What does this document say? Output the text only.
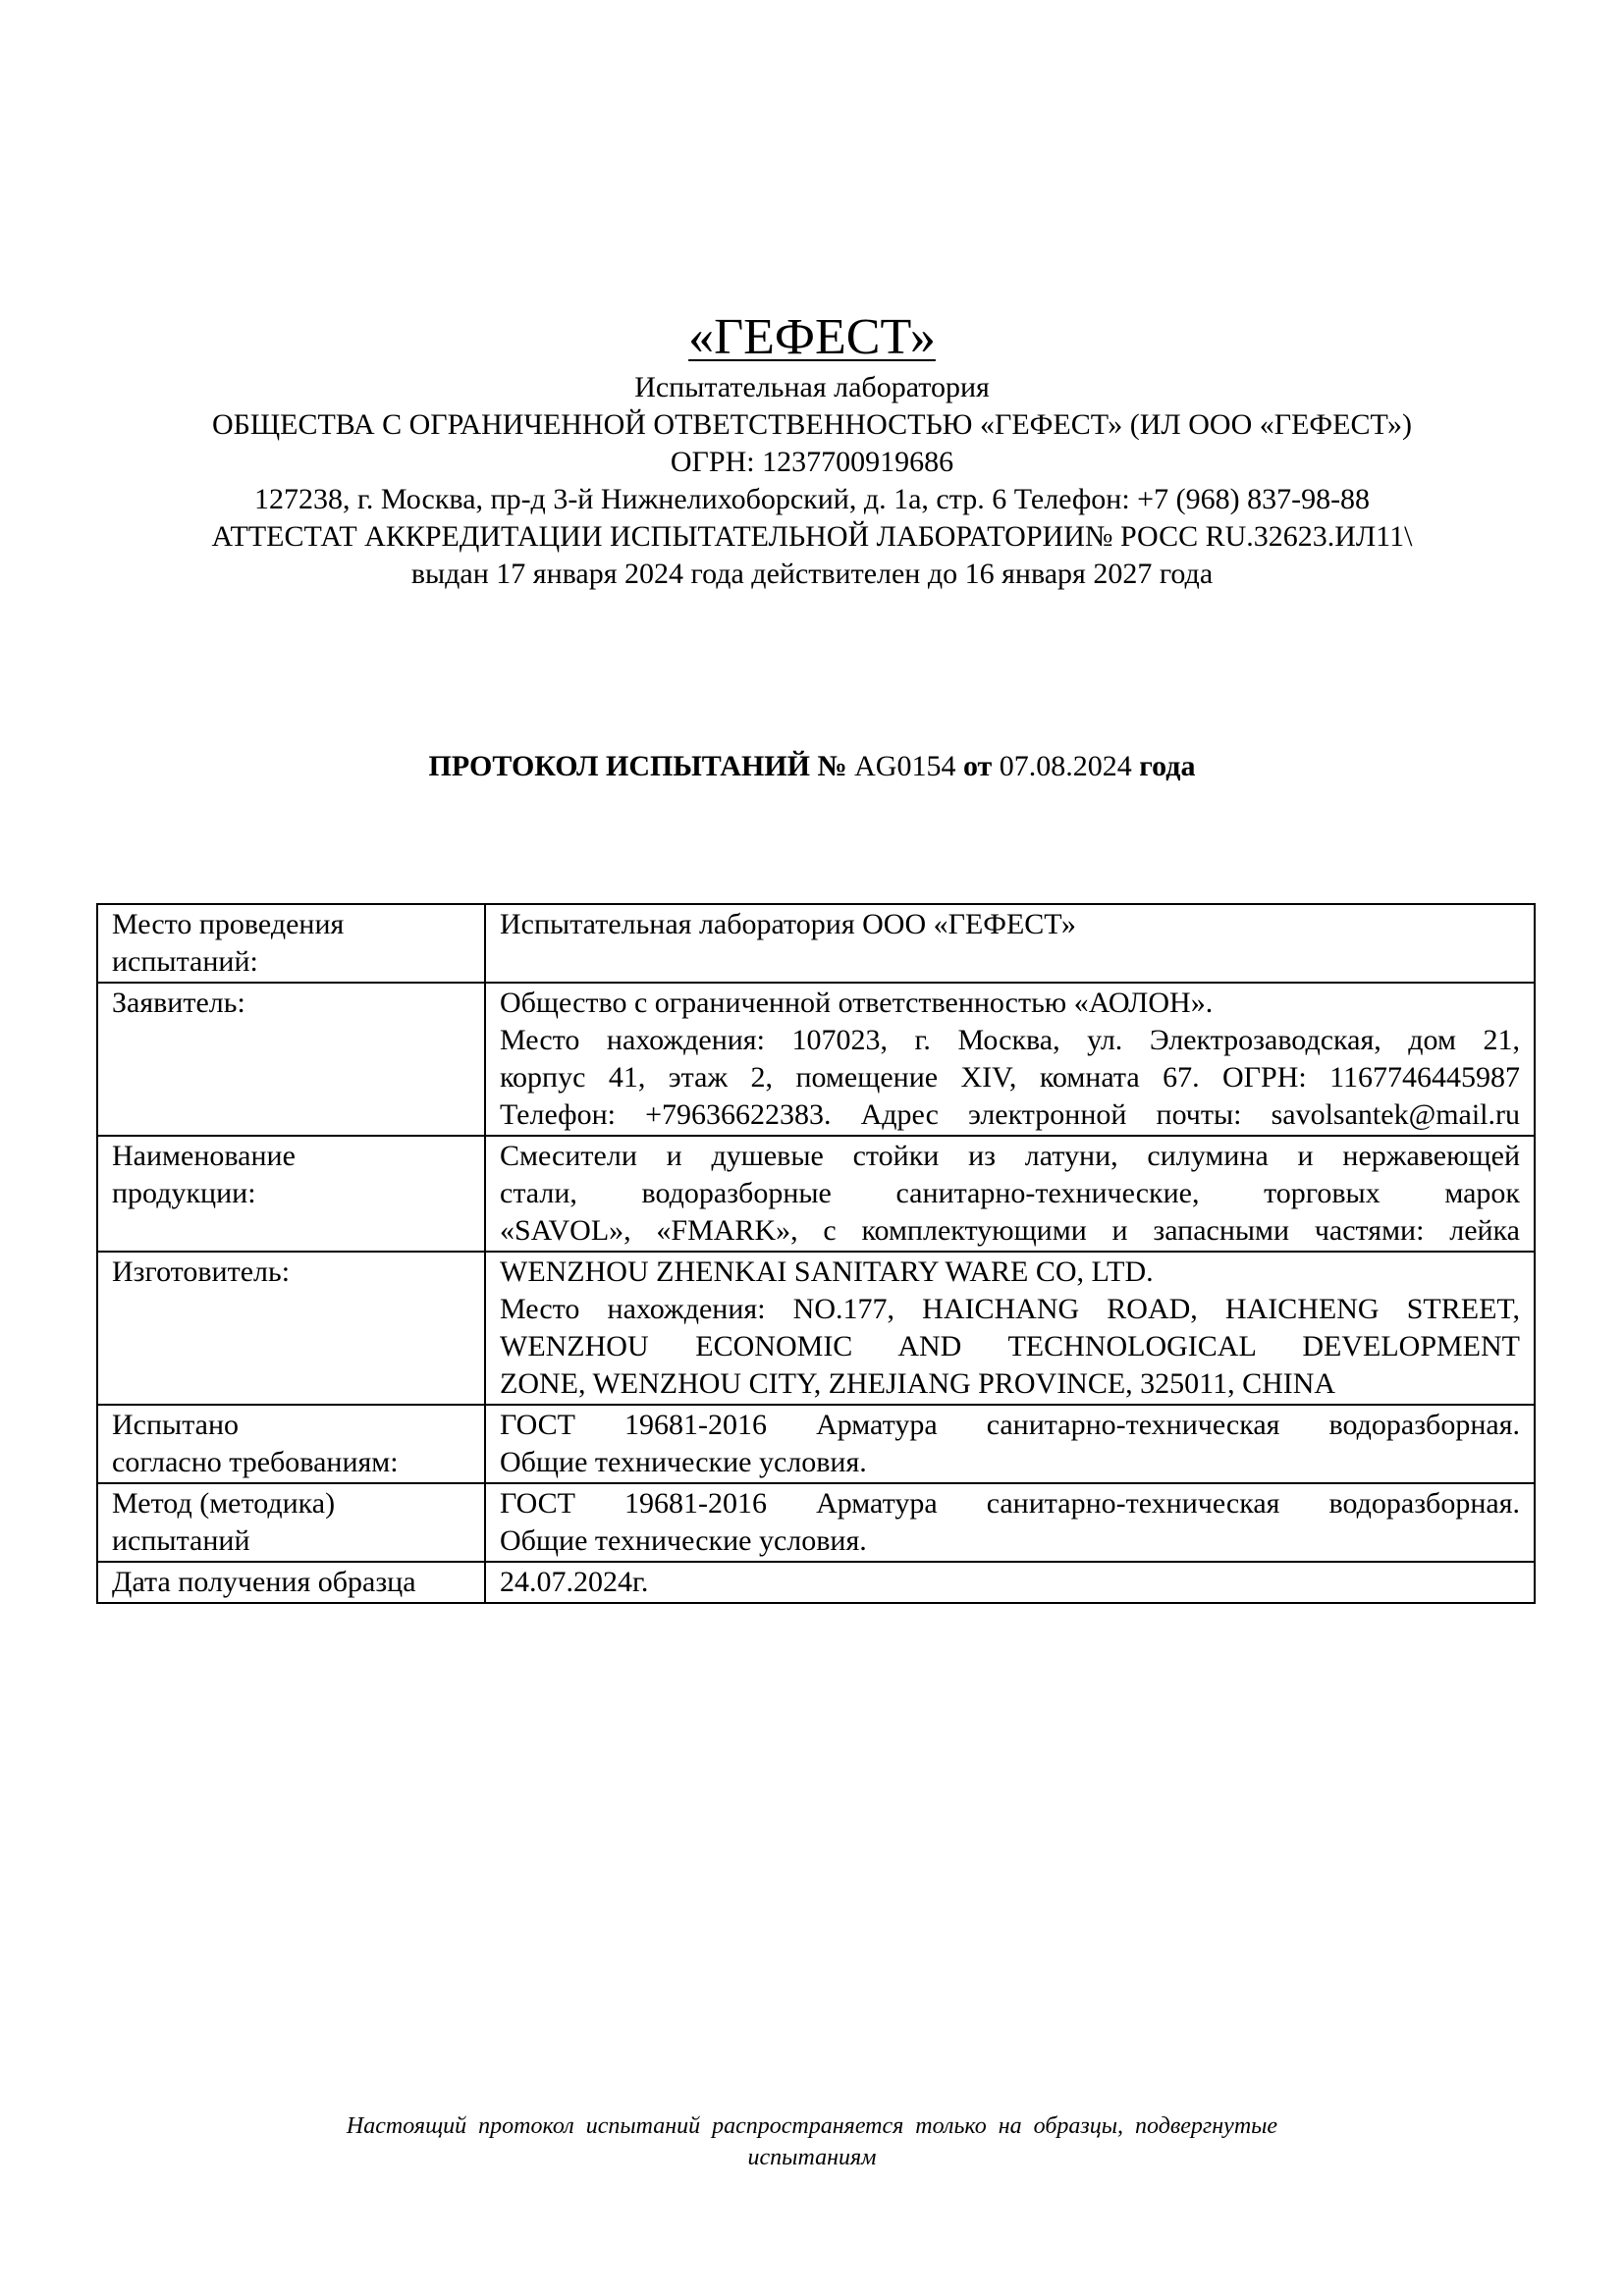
«ГЕФЕСТ»

Испытательная лаборатория

ОБЩЕСТВА С ОГРАНИЧЕННОЙ ОТВЕТСТВЕННОСТЬЮ «ГЕФЕСТ» (ИЛ ООО «ГЕФЕСТ»)

ОГРН: 1237700919686

127238, г. Москва, пр-д 3-й Нижнелихоборский, д. 1а, стр. 6 Телефон: +7 (968) 837-98-88

АТТЕСТАТ АККРЕДИТАЦИИ ИСПЫТАТЕЛЬНОЙ ЛАБОРАТОРИИ№ РОСС RU.32623.ИЛ11\

выдан 17 января 2024 года действителен до 16 января 2027 года

ПРОТОКОЛ ИСПЫТАНИЙ № AG0154 от 07.08.2024 года
Место проведения
испытаний:	Испытательная лаборатория ООО «ГЕФЕСТ»

Заявитель:	Общество с ограниченной ответственностью «АОЛОН».
Место нахождения: 107023, г. Москва, ул. Электрозаводская, дом 21,
корпус 41, этаж 2, помещение XIV, комната 67. ОГРН: 1167746445987
Телефон: +79636622383. Адрес электронной почты: savolsantek@mail.ru

Наименование
продукции:	Смесители и душевые стойки из латуни, силумина и нержавеющей
стали, водоразборные санитарно-технические, торговых марок
«SAVOL», «FMARK», с комплектующими и запасными частями: лейка

Изготовитель:	WENZHOU ZHENKAI SANITARY WARE CO, LTD.
Место нахождения: NO.177, HAICHANG ROAD, HAICHENG STREET,
WENZHOU ECONOMIC AND TECHNOLOGICAL DEVELOPMENT
ZONE, WENZHOU CITY, ZHEJIANG PROVINCE, 325011, CHINA

Испытано
согласно требованиям:	ГОСТ 19681-2016 Арматура санитарно-техническая водоразборная.
Общие технические условия.

Метод (методика)
испытаний	ГОСТ 19681-2016 Арматура санитарно-техническая водоразборная.
Общие технические условия.

Дата получения образца	24.07.2024г.
Настоящий протокол испытаний распространяется только на образцы, подвергнутые
испытаниям
